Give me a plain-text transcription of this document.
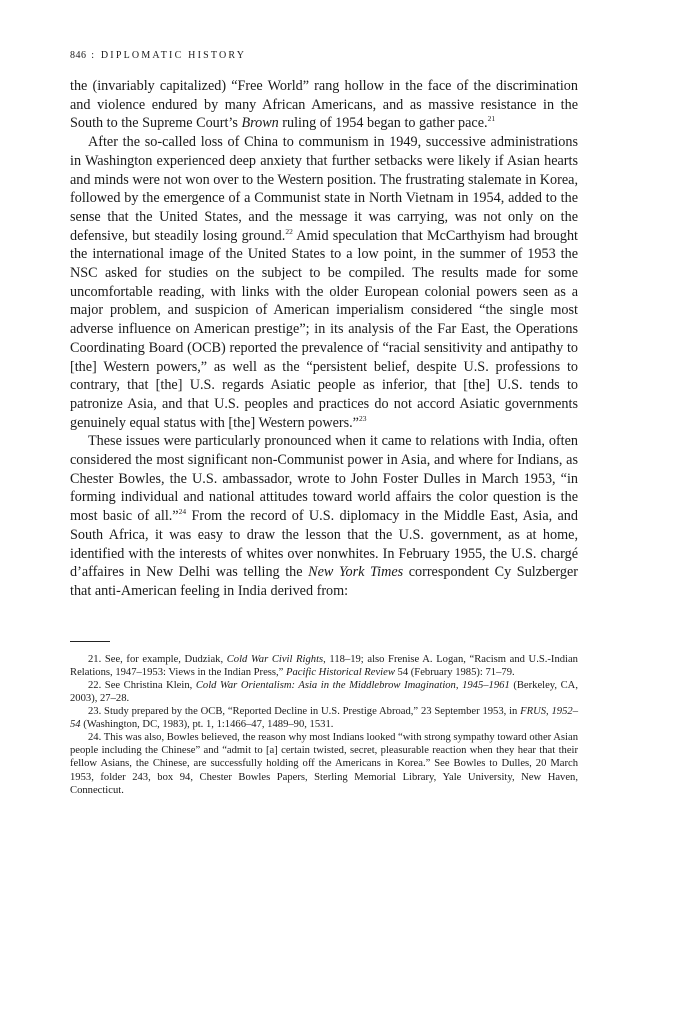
846 : DIPLOMATIC HISTORY

the (invariably capitalized) “Free World” rang hollow in the face of the discrimination and violence endured by many African Americans, and as massive resistance in the South to the Supreme Court’s Brown ruling of 1954 began to gather pace.$^{21}$

After the so-called loss of China to communism in 1949, successive administrations in Washington experienced deep anxiety that further setbacks were likely if Asian hearts and minds were not won over to the Western position. The frustrating stalemate in Korea, followed by the emergence of a Communist state in North Vietnam in 1954, added to the sense that the United States, and the message it was carrying, was not only on the defensive, but steadily losing ground.$^{22}$ Amid speculation that McCarthyism had brought the international image of the United States to a low point, in the summer of 1953 the NSC asked for studies on the subject to be compiled. The results made for some uncomfortable reading, with links with the older European colonial powers seen as a major problem, and suspicion of American imperialism considered “the single most adverse influence on American prestige”; in its analysis of the Far East, the Operations Coordinating Board (OCB) reported the prevalence of “racial sensitivity and antipathy to [the] Western powers,” as well as the “persistent belief, despite U.S. professions to contrary, that [the] U.S. regards Asiatic people as inferior, that [the] U.S. tends to patronize Asia, and that U.S. peoples and practices do not accord Asiatic governments genuinely equal status with [the] Western powers.”$^{23}$

These issues were particularly pronounced when it came to relations with India, often considered the most significant non-Communist power in Asia, and where for Indians, as Chester Bowles, the U.S. ambassador, wrote to John Foster Dulles in March 1953, “in forming individual and national attitudes toward world affairs the color question is the most basic of all.”$^{24}$ From the record of U.S. diplomacy in the Middle East, Asia, and South Africa, it was easy to draw the lesson that the U.S. government, as at home, identified with the interests of whites over nonwhites. In February 1955, the U.S. chargé d’affaires in New Delhi was telling the New York Times correspondent Cy Sulzberger that anti-American feeling in India derived from:

21. See, for example, Dudziak, Cold War Civil Rights, 118–19; also Frenise A. Logan, “Racism and U.S.-Indian Relations, 1947–1953: Views in the Indian Press,” Pacific Historical Review 54 (February 1985): 71–79.

22. See Christina Klein, Cold War Orientalism: Asia in the Middlebrow Imagination, 1945–1961 (Berkeley, CA, 2003), 27–28.

23. Study prepared by the OCB, “Reported Decline in U.S. Prestige Abroad,” 23 September 1953, in FRUS, 1952–54 (Washington, DC, 1983), pt. 1, 1:1466–47, 1489–90, 1531.

24. This was also, Bowles believed, the reason why most Indians looked “with strong sympathy toward other Asian people including the Chinese” and “admit to [a] certain twisted, secret, pleasurable reaction when they hear that their fellow Asians, the Chinese, are successfully holding off the Americans in Korea.” See Bowles to Dulles, 20 March 1953, folder 243, box 94, Chester Bowles Papers, Sterling Memorial Library, Yale University, New Haven, Connecticut.
